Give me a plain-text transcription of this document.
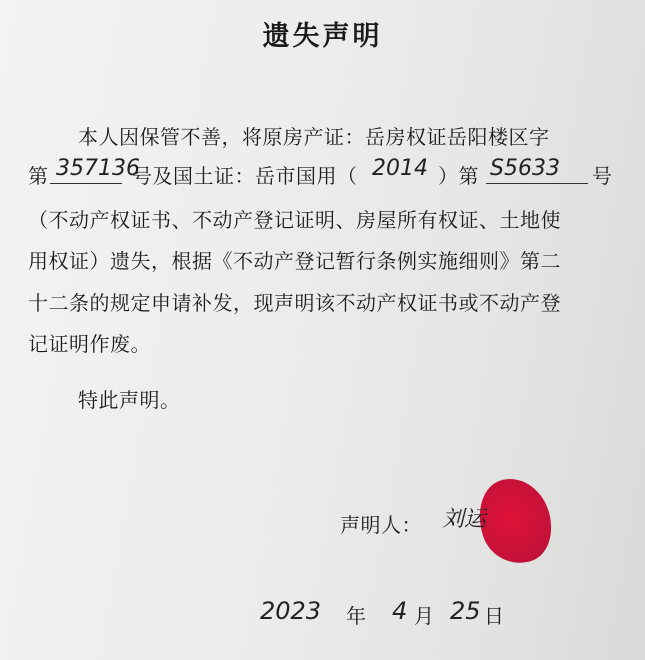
遗失声明
本人因保管不善，将原房产证：岳房权证岳阳楼区字
第 357136
号及国土证：岳市国用（ 2014 ）第 S5633 号
（不动产权证书、不动产登记证明、房屋所有权证、土地使
用权证）遗失，根据《不动产登记暂行条例实施细则》第二
十二条的规定申请补发，现声明该不动产权证书或不动产登
记证明作废。
特此声明。
声明人： 刘运
2023 年 4 月 25 日
